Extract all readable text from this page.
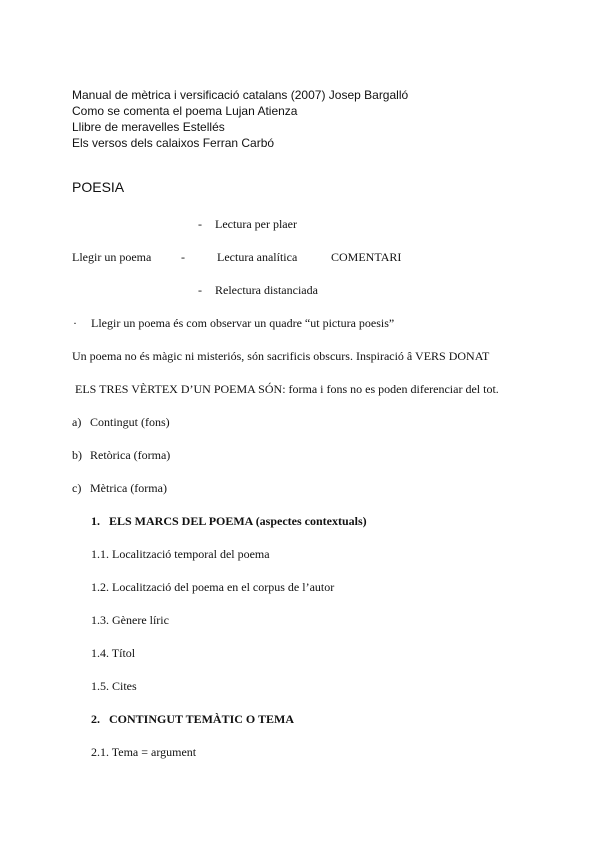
Manual de mètrica i versificació catalans (2007) Josep Bargalló
Como se comenta el poema Lujan Atienza
Llibre de meravelles Estellés
Els versos dels calaixos Ferran Carbó
POESIA
- Lectura per plaer
Llegir un poema -	Lectura analítica	COMENTARI
- Relectura distanciada
· Llegir un poema és com observar un quadre “ut pictura poesis”
Un poema no és màgic ni misteriós, són sacrificis obscurs. Inspiració â VERS DONAT
ELS TRES VÈRTEX D’UN POEMA SÓN: forma i fons no es poden diferenciar del tot.
a) Contingut (fons)
b) Retòrica (forma)
c) Mètrica (forma)
1. ELS MARCS DEL POEMA (aspectes contextuals)
1.1. Localització temporal del poema
1.2. Localització del poema en el corpus de l’autor
1.3. Gènere líric
1.4. Títol
1.5. Cites
2. CONTINGUT TEMÀTIC O TEMA
2.1. Tema = argument
